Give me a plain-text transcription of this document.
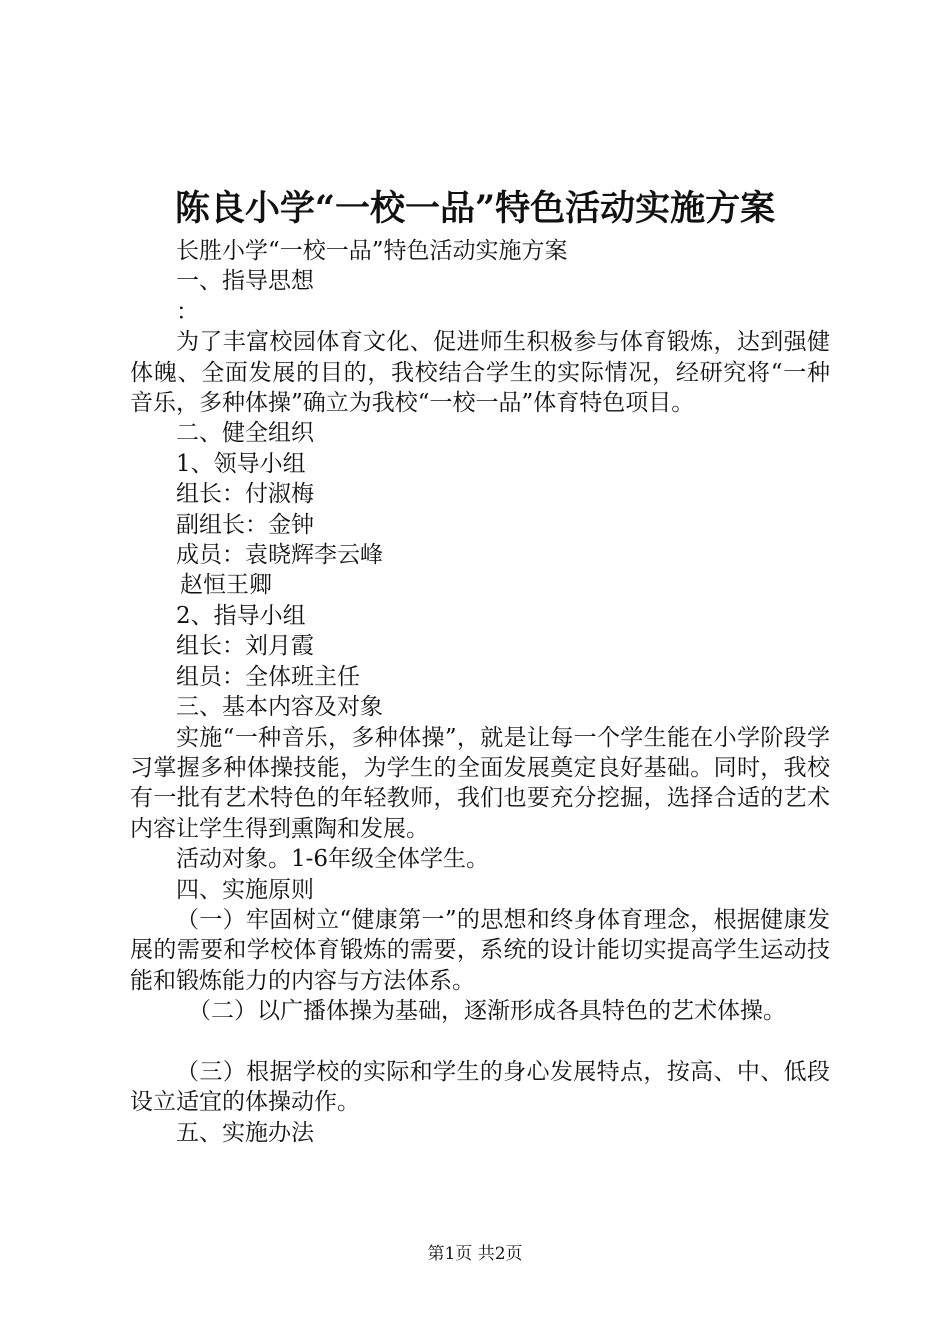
陈良小学“一校一品”特色活动实施方案

长胜小学“一校一品”特色活动实施方案

一、指导思想

：

为了丰富校园体育文化、促进师生积极参与体育锻炼，达到强健体魄、全面发展的目的，我校结合学生的实际情况，经研究将“一种音乐，多种体操”确立为我校“一校一品”体育特色项目。

二、健全组织

1、领导小组

组长：付淑梅

副组长：金钟

成员：袁晓辉李云峰

赵恒王卿

2、指导小组

组长：刘月霞

组员：全体班主任

三、基本内容及对象

实施“一种音乐，多种体操”，就是让每一个学生能在小学阶段学习掌握多种体操技能，为学生的全面发展奠定良好基础。同时，我校有一批有艺术特色的年轻教师，我们也要充分挖掘，选择合适的艺术内容让学生得到熏陶和发展。

活动对象。1-6年级全体学生。

四、实施原则

（一）牢固树立“健康第一”的思想和终身体育理念，根据健康发展的需要和学校体育锻炼的需要，系统的设计能切实提高学生运动技能和锻炼能力的内容与方法体系。

（二）以广播体操为基础，逐渐形成各具特色的艺术体操。

（三）根据学校的实际和学生的身心发展特点，按高、中、低段设立适宜的体操动作。

五、实施办法

第1页 共2页
